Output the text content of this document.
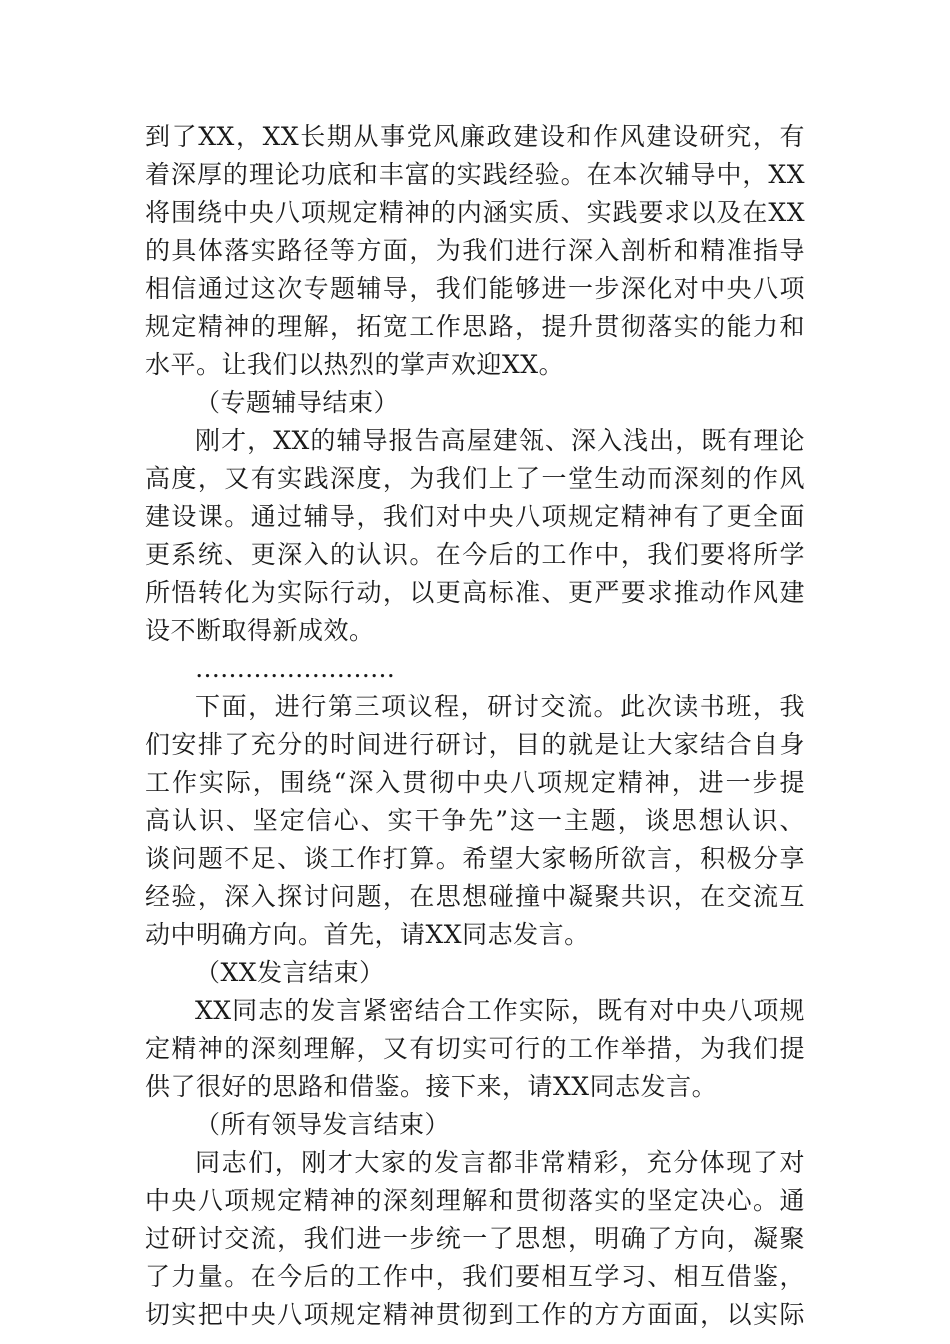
到了XX，XX长期从事党风廉政建设和作风建设研究，有
着深厚的理论功底和丰富的实践经验。在本次辅导中，XX
将围绕中央八项规定精神的内涵实质、实践要求以及在XX
的具体落实路径等方面，为我们进行深入剖析和精准指导
相信通过这次专题辅导，我们能够进一步深化对中央八项
规定精神的理解，拓宽工作思路，提升贯彻落实的能力和
水平。让我们以热烈的掌声欢迎XX。
（专题辅导结束）
刚才，XX的辅导报告高屋建瓴、深入浅出，既有理论
高度，又有实践深度，为我们上了一堂生动而深刻的作风
建设课。通过辅导，我们对中央八项规定精神有了更全面
更系统、更深入的认识。在今后的工作中，我们要将所学
所悟转化为实际行动，以更高标准、更严要求推动作风建
设不断取得新成效。
……………………
下面，进行第三项议程，研讨交流。此次读书班，我
们安排了充分的时间进行研讨，目的就是让大家结合自身
工作实际，围绕“深入贯彻中央八项规定精神，进一步提
高认识、坚定信心、实干争先”这一主题，谈思想认识、
谈问题不足、谈工作打算。希望大家畅所欲言，积极分享
经验，深入探讨问题，在思想碰撞中凝聚共识，在交流互
动中明确方向。首先，请XX同志发言。
（XX发言结束）
XX同志的发言紧密结合工作实际，既有对中央八项规
定精神的深刻理解，又有切实可行的工作举措，为我们提
供了很好的思路和借鉴。接下来，请XX同志发言。
（所有领导发言结束）
同志们，刚才大家的发言都非常精彩，充分体现了对
中央八项规定精神的深刻理解和贯彻落实的坚定决心。通
过研讨交流，我们进一步统一了思想，明确了方向，凝聚
了力量。在今后的工作中，我们要相互学习、相互借鉴，
切实把中央八项规定精神贯彻到工作的方方面面，以实际
